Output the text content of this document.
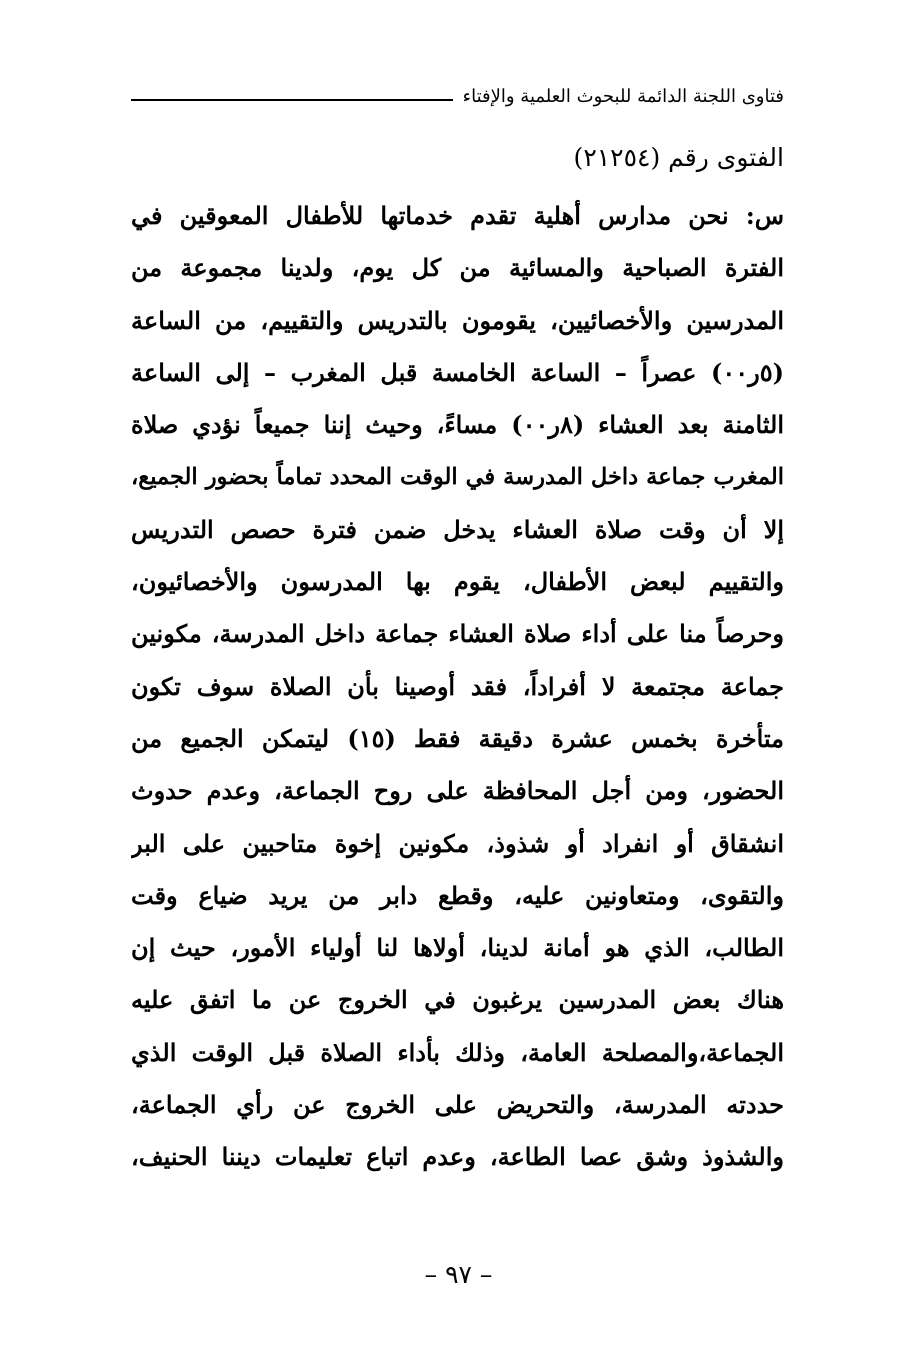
فتاوى اللجنة الدائمة للبحوث العلمية والإفتاء
الفتوى رقم (٢١٢٥٤)
س: نحن مدارس أهلية تقدم خدماتها للأطفال المعوقين في
الفترة الصباحية والمسائية من كل يوم، ولدينا مجموعة من
المدرسين والأخصائيين، يقومون بالتدريس والتقييم، من الساعة
(٥ر٠٠) عصراً – الساعة الخامسة قبل المغرب – إلى الساعة
الثامنة بعد العشاء (٨ر٠٠) مساءً، وحيث إننا جميعاً نؤدي صلاة
المغرب جماعة داخل المدرسة في الوقت المحدد تماماً بحضور الجميع،
إلا أن وقت صلاة العشاء يدخل ضمن فترة حصص التدريس
والتقييم لبعض الأطفال، يقوم بها المدرسون والأخصائيون،
وحرصاً منا على أداء صلاة العشاء جماعة داخل المدرسة، مكونين
جماعة مجتمعة لا أفراداً، فقد أوصينا بأن الصلاة سوف تكون
متأخرة بخمس عشرة دقيقة فقط (١٥) ليتمكن الجميع من
الحضور، ومن أجل المحافظة على روح الجماعة، وعدم حدوث
انشقاق أو انفراد أو شذوذ، مكونين إخوة متاحبين على البر
والتقوى، ومتعاونين عليه، وقطع دابر من يريد ضياع وقت
الطالب، الذي هو أمانة لدينا، أولاها لنا أولياء الأمور، حيث إن
هناك بعض المدرسين يرغبون في الخروج عن ما اتفق عليه
الجماعة،والمصلحة العامة، وذلك بأداء الصلاة قبل الوقت الذي
حددته المدرسة، والتحريض على الخروج عن رأي الجماعة،
والشذوذ وشق عصا الطاعة، وعدم اتباع تعليمات ديننا الحنيف،
– ٩٧ –
